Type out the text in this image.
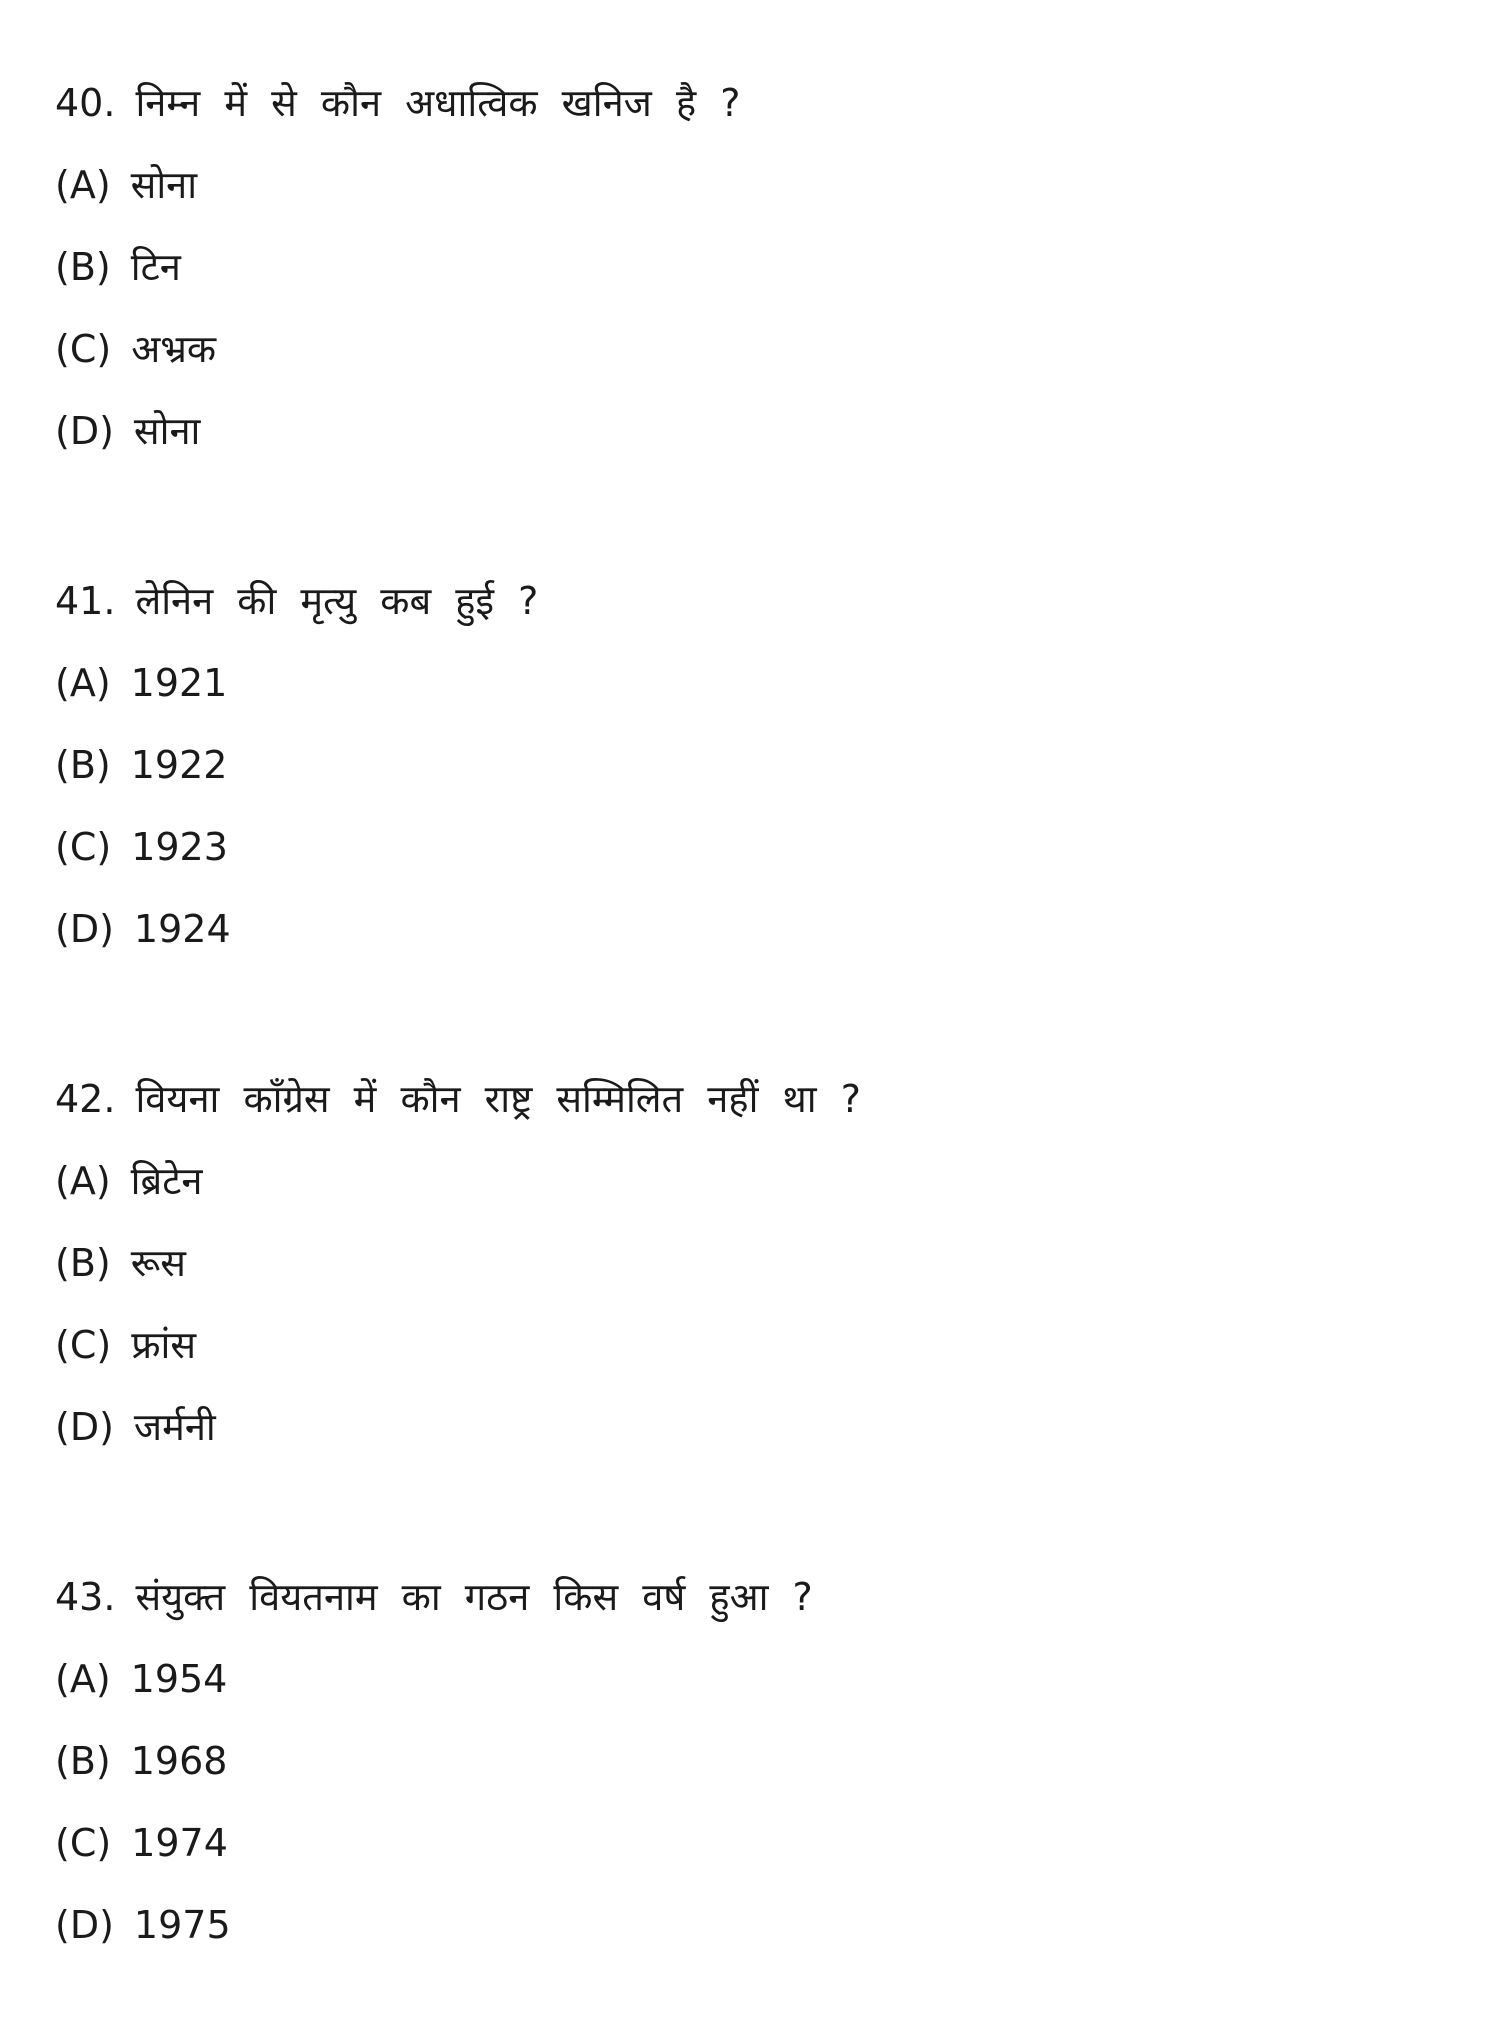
40. निम्न में से कौन अधात्विक खनिज है ?
(A) सोना
(B) टिन
(C) अभ्रक
(D) सोना
41. लेनिन की मृत्यु कब हुई ?
(A) 1921
(B) 1922
(C) 1923
(D) 1924
42. वियना कॉंग्रेस में कौन राष्ट्र सम्मिलित नहीं था ?
(A) ब्रिटेन
(B) रूस
(C) फ्रांस
(D) जर्मनी
43. संयुक्त वियतनाम का गठन किस वर्ष हुआ ?
(A) 1954
(B) 1968
(C) 1974
(D) 1975
